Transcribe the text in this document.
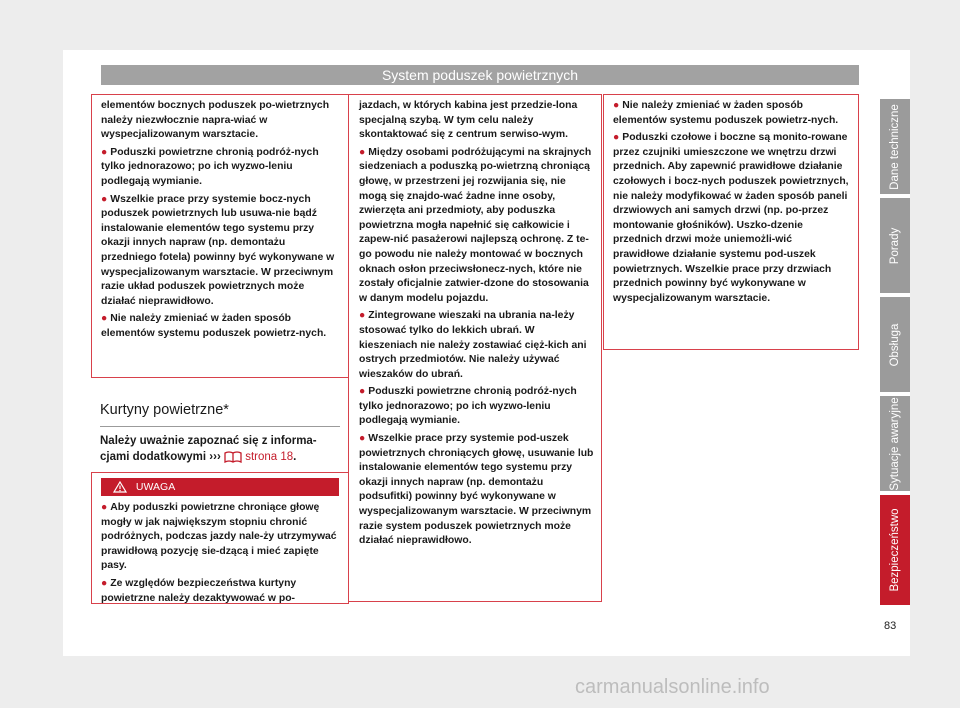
System poduszek powietrznych

elementów bocznych poduszek po-wietrznych należy niezwłocznie napra-wiać w wyspecjalizowanym warsztacie.

● Poduszki powietrzne chronią podróż-nych tylko jednorazowo; po ich wyzwo-leniu podlegają wymianie.

● Wszelkie prace przy systemie bocz-nych poduszek powietrznych lub usuwa-nie bądź instalowanie elementów tego systemu przy okazji innych napraw (np. demontażu przedniego fotela) powinny być wykonywane w wyspecjalizowanym warsztacie. W przeciwnym razie układ poduszek powietrznych może działać nieprawidłowo.

● Nie należy zmieniać w żaden sposób elementów systemu poduszek powietrz-nych.

Kurtyny powietrzne*
Należy uważnie zapoznać się z informa-cjami dodatkowymi ››› strona 18.
UWAGA

● Aby poduszki powietrzne chroniące głowę mogły w jak największym stopniu chronić podróżnych, podczas jazdy nale-ży utrzymywać prawidłową pozycję sie-dzącą i mieć zapięte pasy.

● Ze względów bezpieczeństwa kurtyny powietrzne należy dezaktywować w po-

jazdach, w których kabina jest przedzie-lona specjalną szybą. W tym celu należy skontaktować się z centrum serwiso-wym.

● Między osobami podróżującymi na skrajnych siedzeniach a poduszką po-wietrzną chroniącą głowę, w przestrzeni jej rozwijania się, nie mogą się znajdo-wać żadne inne osoby, zwierzęta ani przedmioty, aby poduszka powietrzna mogła napełnić się całkowicie i zapew-nić pasażerowi najlepszą ochronę. Z te-go powodu nie należy montować w bocznych oknach osłon przeciwsłonecz-nych, które nie zostały oficjalnie zatwier-dzone do stosowania w danym modelu pojazdu.

● Zintegrowane wieszaki na ubrania na-leży stosować tylko do lekkich ubrań. W kieszeniach nie należy zostawiać cięż-kich ani ostrych przedmiotów. Nie należy używać wieszaków do ubrań.

● Poduszki powietrzne chronią podróż-nych tylko jednorazowo; po ich wyzwo-leniu podlegają wymianie.

● Wszelkie prace przy systemie pod-uszek powietrznych chroniących głowę, usuwanie lub instalowanie elementów tego systemu przy okazji innych napraw (np. demontażu podsufitki) powinny być wykonywane w wyspecjalizowanym warsztacie. W przeciwnym razie system poduszek powietrznych może działać nieprawidłowo.

● Nie należy zmieniać w żaden sposób elementów systemu poduszek powietrz-nych.

● Poduszki czołowe i boczne są monito-rowane przez czujniki umieszczone we wnętrzu drzwi przednich. Aby zapewnić prawidłowe działanie czołowych i bocz-nych poduszek powietrznych, nie należy modyfikować w żaden sposób paneli drzwiowych ani samych drzwi (np. po-przez montowanie głośników). Uszko-dzenie przednich drzwi może uniemożli-wić prawidłowe działanie systemu pod-uszek powietrznych. Wszelkie prace przy drzwiach przednich powinny być wykonywane w wyspecjalizowanym warsztacie.

Dane techniczne
Porady
Obsługa
Sytuacje awaryjne
Bezpieczeństwo
83
carmanualsonline.info
